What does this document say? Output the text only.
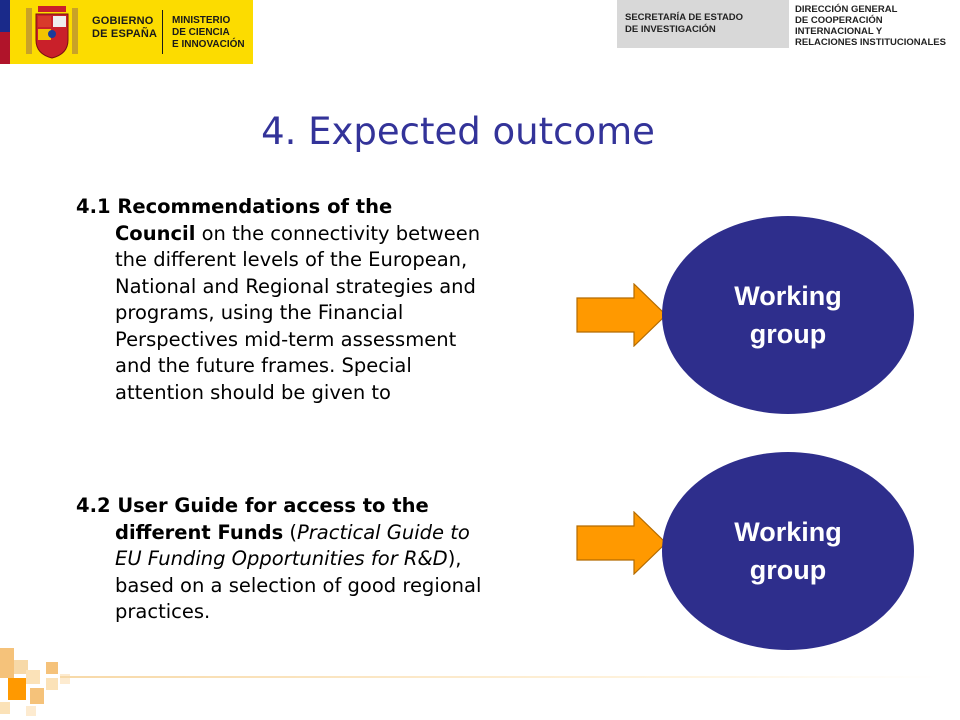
GOBIERNO
DE ESPAÑA
MINISTERIO
DE CIENCIA
E INNOVACIÓN
SECRETARÍA DE ESTADO
DE INVESTIGACIÓN
DIRECCIÓN GENERAL
DE COOPERACIÓN
INTERNACIONAL Y
RELACIONES INSTITUCIONALES
4. Expected outcome
4.1 Recommendations of the
Council on the connectivity between
the different levels of the European,
National and Regional strategies and
programs, using the Financial
Perspectives mid-term assessment
and the future frames. Special
attention should be given to
4.2 User Guide for access to the
different Funds (Practical Guide to
EU Funding Opportunities for R&D),
based on a selection of good regional
practices.
Working
group
Working
group
